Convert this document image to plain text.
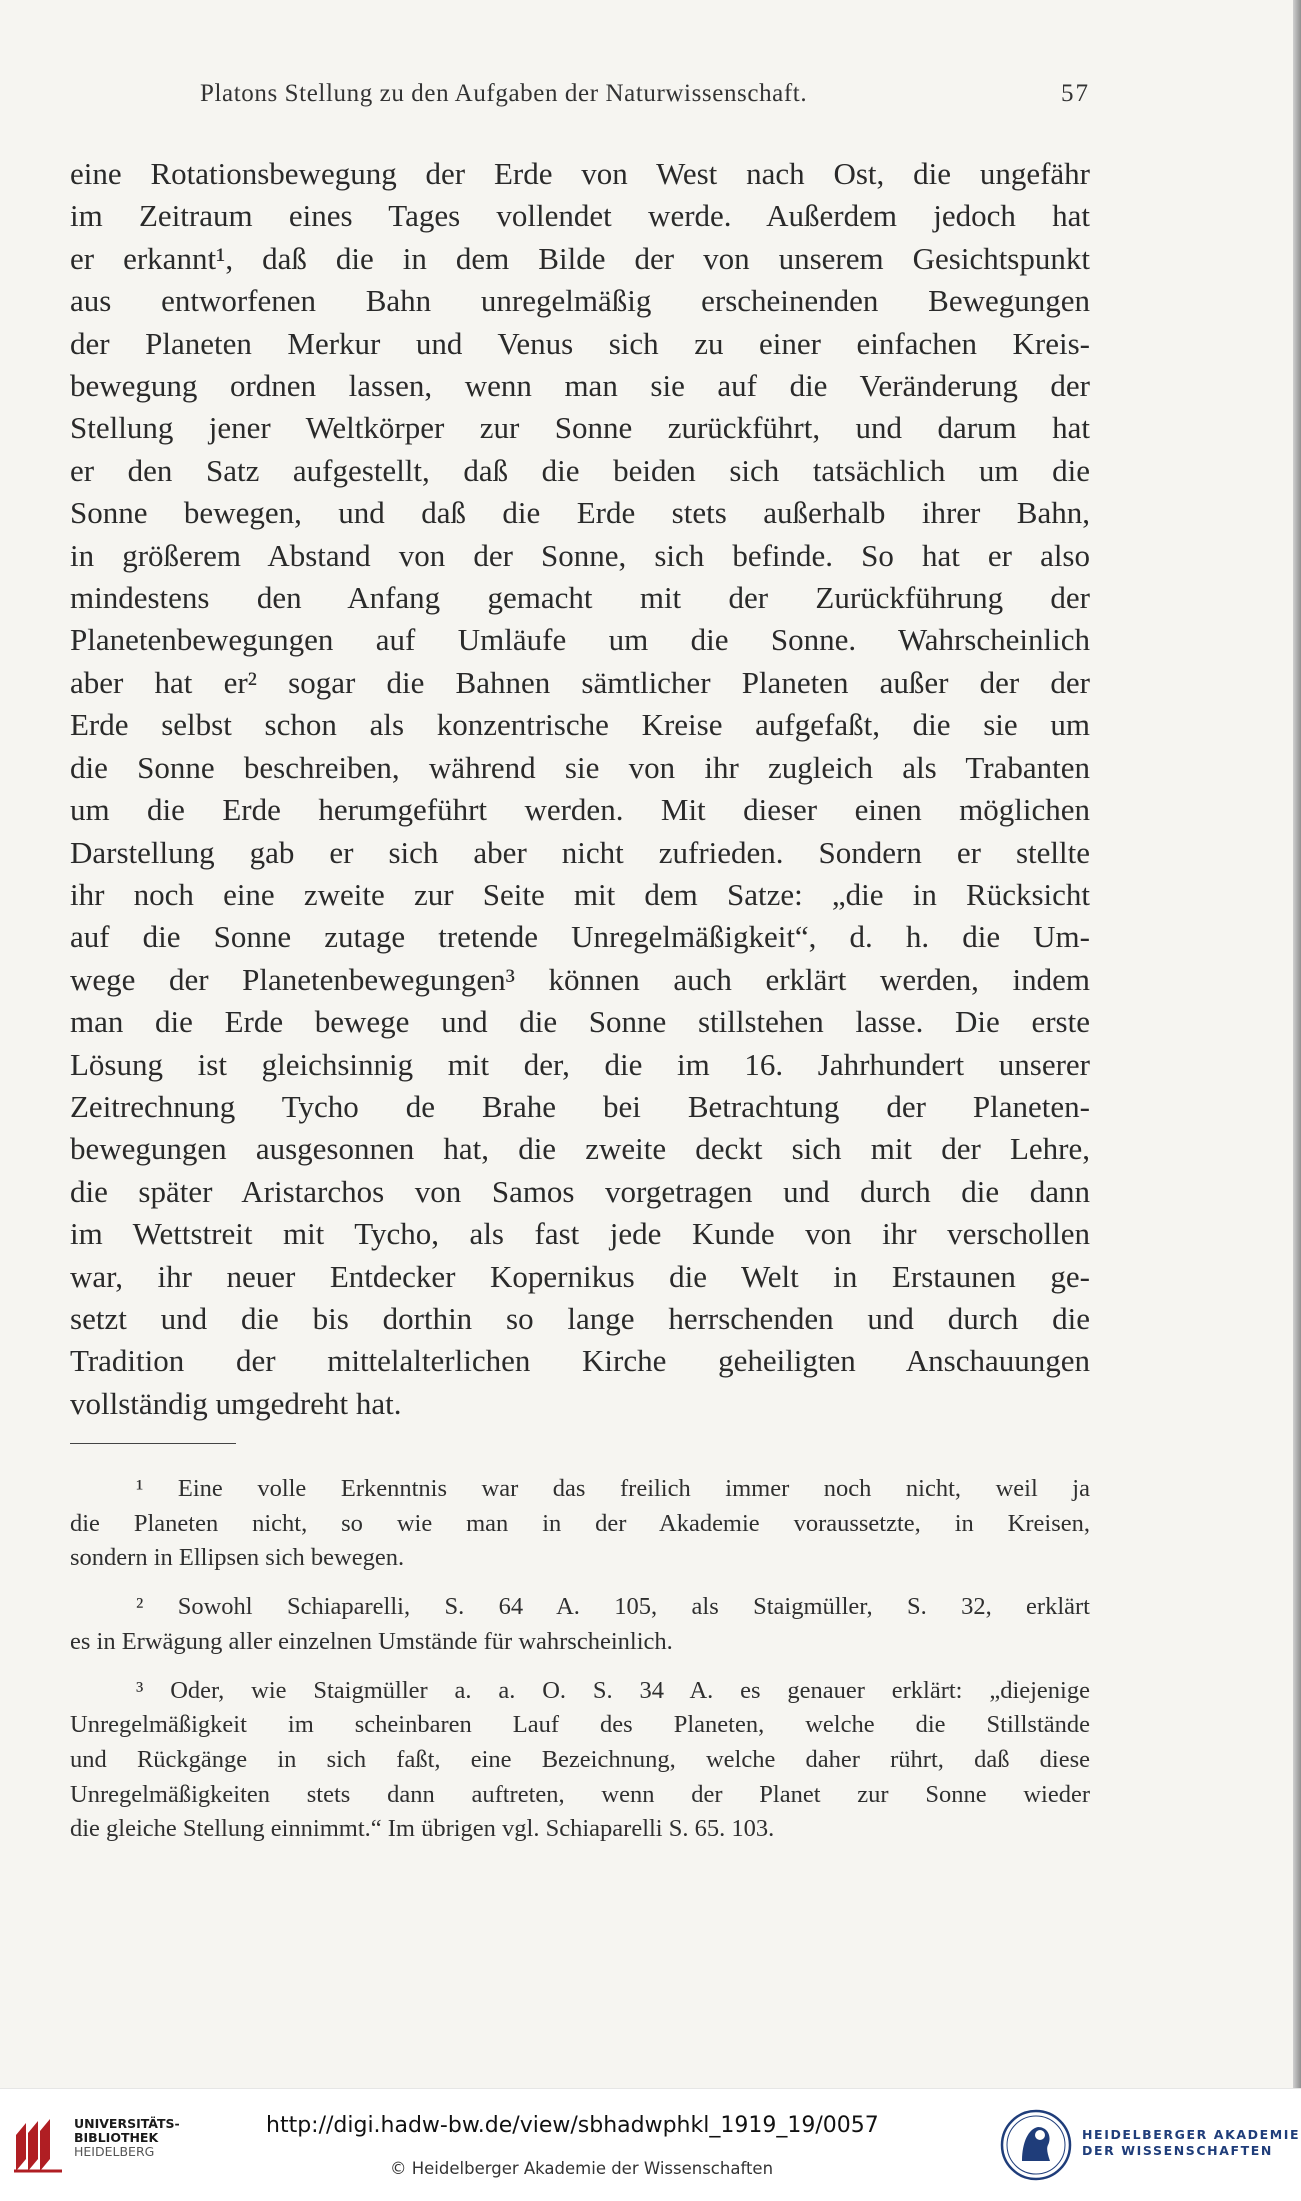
Platons Stellung zu den Aufgaben der Naturwissenschaft.	57
eine Rotationsbewegung der Erde von West nach Ost, die ungefähr
im Zeitraum eines Tages vollendet werde. Außerdem jedoch hat
er erkannt¹, daß die in dem Bilde der von unserem Gesichtspunkt
aus entworfenen Bahn unregelmäßig erscheinenden Bewegungen
der Planeten Merkur und Venus sich zu einer einfachen Kreis-
bewegung ordnen lassen, wenn man sie auf die Veränderung der
Stellung jener Weltkörper zur Sonne zurückführt, und darum hat
er den Satz aufgestellt, daß die beiden sich tatsächlich um die
Sonne bewegen, und daß die Erde stets außerhalb ihrer Bahn,
in größerem Abstand von der Sonne, sich befinde. So hat er also
mindestens den Anfang gemacht mit der Zurückführung der
Planetenbewegungen auf Umläufe um die Sonne. Wahrscheinlich
aber hat er² sogar die Bahnen sämtlicher Planeten außer der der
Erde selbst schon als konzentrische Kreise aufgefaßt, die sie um
die Sonne beschreiben, während sie von ihr zugleich als Trabanten
um die Erde herumgeführt werden. Mit dieser einen möglichen
Darstellung gab er sich aber nicht zufrieden. Sondern er stellte
ihr noch eine zweite zur Seite mit dem Satze: „die in Rücksicht
auf die Sonne zutage tretende Unregelmäßigkeit“, d. h. die Um-
wege der Planetenbewegungen³ können auch erklärt werden, indem
man die Erde bewege und die Sonne stillstehen lasse. Die erste
Lösung ist gleichsinnig mit der, die im 16. Jahrhundert unserer
Zeitrechnung Tycho de Brahe bei Betrachtung der Planeten-
bewegungen ausgesonnen hat, die zweite deckt sich mit der Lehre,
die später Aristarchos von Samos vorgetragen und durch die dann
im Wettstreit mit Tycho, als fast jede Kunde von ihr verschollen
war, ihr neuer Entdecker Kopernikus die Welt in Erstaunen ge-
setzt und die bis dorthin so lange herrschenden und durch die
Tradition der mittelalterlichen Kirche geheiligten Anschauungen
vollständig umgedreht hat.
¹ Eine volle Erkenntnis war das freilich immer noch nicht, weil ja
die Planeten nicht, so wie man in der Akademie voraussetzte, in Kreisen,
sondern in Ellipsen sich bewegen.
² Sowohl Schiaparelli, S. 64 A. 105, als Staigmüller, S. 32, erklärt
es in Erwägung aller einzelnen Umstände für wahrscheinlich.
³ Oder, wie Staigmüller a. a. O. S. 34 A. es genauer erklärt: „diejenige
Unregelmäßigkeit im scheinbaren Lauf des Planeten, welche die Stillstände
und Rückgänge in sich faßt, eine Bezeichnung, welche daher rührt, daß diese
Unregelmäßigkeiten stets dann auftreten, wenn der Planet zur Sonne wieder
die gleiche Stellung einnimmt.“ Im übrigen vgl. Schiaparelli S. 65. 103.
UNIVERSITÄTS-
BIBLIOTHEK
HEIDELBERG
http://digi.hadw-bw.de/view/sbhadwphkl_1919_19/0057
© Heidelberger Akademie der Wissenschaften
HEIDELBERGER AKADEMIE
DER WISSENSCHAFTEN
